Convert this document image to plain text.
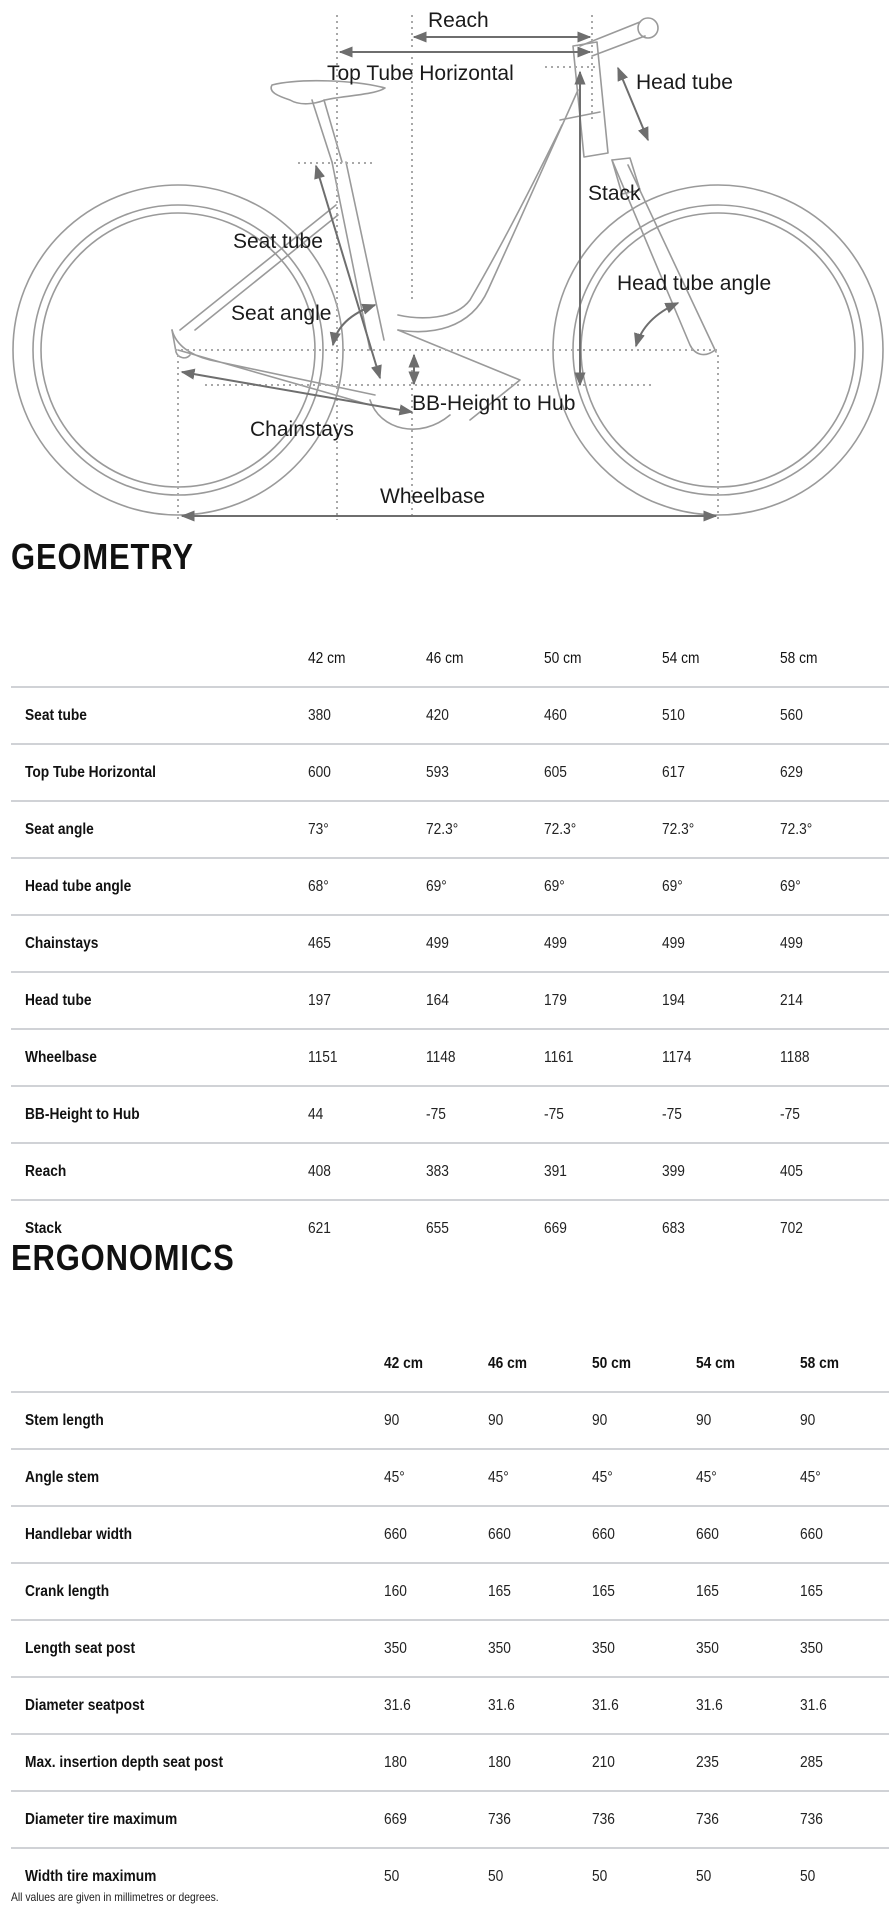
Reach
Top Tube Horizontal	Head tube
Stack
Seat tube
Seat angle
Head tube angle
BB-Height to Hub
Chainstays
Wheelbase
GEOMETRY
	42 cm	46 cm	50 cm	54 cm	58 cm
Seat tube	380	420	460	510	560
Top Tube Horizontal	600	593	605	617	629
Seat angle	73°	72.3°	72.3°	72.3°	72.3°
Head tube angle	68°	69°	69°	69°	69°
Chainstays	465	499	499	499	499
Head tube	197	164	179	194	214
Wheelbase	1151	1148	1161	1174	1188
BB-Height to Hub	44	-75	-75	-75	-75
Reach	408	383	391	399	405
Stack	621	655	669	683	702
ERGONOMICS
	42 cm	46 cm	50 cm	54 cm	58 cm
Stem length	90	90	90	90	90
Angle stem	45°	45°	45°	45°	45°
Handlebar width	660	660	660	660	660
Crank length	160	165	165	165	165
Length seat post	350	350	350	350	350
Diameter seatpost	31.6	31.6	31.6	31.6	31.6
Max. insertion depth seat post	180	180	210	235	285
Diameter tire maximum	669	736	736	736	736
Width tire maximum	50	50	50	50	50
All values are given in millimetres or degrees.
